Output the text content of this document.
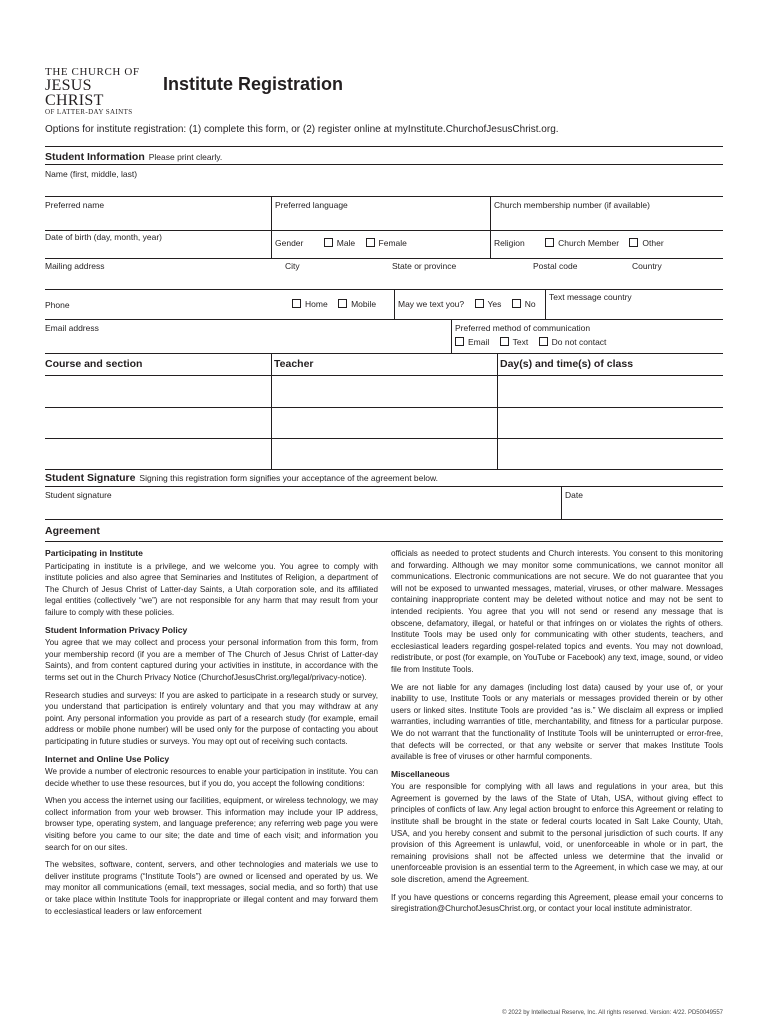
THE CHURCH OF
JESUS CHRIST
OF LATTER-DAY SAINTS
Institute Registration
Options for institute registration: (1) complete this form, or (2) register online at myInstitute.ChurchofJesusChrist.org.
Student Information Please print clearly.
Name (first, middle, last)
Preferred name	Preferred language	Church membership number (if available)
Date of birth (day, month, year)
Gender	Male	Female	Religion	Church Member	Other
Mailing address	City	State or province	Postal code	Country
Phone	Home	Mobile	May we text you?	Yes	No
Text message country
Email address	Preferred method of communication
Email	Text	Do not contact
Course and section	Teacher	Day(s) and time(s) of class
Student Signature Signing this registration form signifies your acceptance of the agreement below.
Student signature	Date
Agreement
Participating in Institute

Participating in institute is a privilege, and we welcome you. You agree to comply with institute policies and also agree that Seminaries and Institutes of Religion, a department of The Church of Jesus Christ of Latter-day Saints, a Utah corporation sole, and its affiliated legal entities (collectively “we”) are not responsible for any harm that may result from your failure to comply with these policies.

Student Information Privacy Policy

You agree that we may collect and process your personal information from this form, from your membership record (if you are a member of The Church of Jesus Christ of Latter-day Saints), and from content captured during your activities in institute, in accordance with the terms set out in the Church Privacy Notice (ChurchofJesusChrist.org/legal/privacy-notice).

Research studies and surveys: If you are asked to participate in a research study or survey, you understand that participation is entirely voluntary and that you may withdraw at any point. Any personal information you provide as part of a research study (for example, email address or mobile phone number) will be used only for the purpose of contacting you about participating in future studies or surveys. You may opt out of receiving such contacts.

Internet and Online Use Policy

We provide a number of electronic resources to enable your participation in institute. You can decide whether to use these resources, but if you do, you accept the following conditions:

When you access the internet using our facilities, equipment, or wireless technology, we may collect information from your web browser. This information may include your IP address, browser type, operating system, and language preference; any referring web page you were visiting before you came to our site; the date and time of each visit; and information you search for on our sites.

The websites, software, content, servers, and other technologies and materials we use to deliver institute programs (“Institute Tools”) are owned or licensed and operated by us. We may monitor all communications (email, text messages, social media, and so forth) that use or take place within Institute Tools for inappropriate or illegal content and may forward them to ecclesiastical leaders or law enforcement

officials as needed to protect students and Church interests. You consent to this monitoring and forwarding. Although we may monitor some communications, we cannot monitor all communications. Electronic communications are not secure. We do not guarantee that you will not be exposed to unwanted messages, material, viruses, or other malware. Messages containing inappropriate content may be deleted without notice and may not be sent to intended recipients. You agree that you will not send or resend any message that is obscene, defamatory, illegal, or hateful or that infringes on or violates the rights of others. Institute Tools may be used only for communicating with other students, teachers, and ecclesiastical leaders regarding gospel-related topics and events. You may not download, redistribute, or post (for example, on YouTube or Facebook) any text, image, sound, or video file from Institute Tools.

We are not liable for any damages (including lost data) caused by your use of, or your inability to use, Institute Tools or any materials or messages provided therein or by other users or linked sites. Institute Tools are provided “as is.” We disclaim all express or implied warranties, including warranties of title, merchantability, and fitness for a particular purpose. We do not warrant that the functionality of Institute Tools will be uninterrupted or error-free, that defects will be corrected, or that any website or server that makes Institute Tools available is free of viruses or other harmful components.

Miscellaneous

You are responsible for complying with all laws and regulations in your area, but this Agreement is governed by the laws of the State of Utah, USA, without giving effect to principles of conflicts of law. Any legal action brought to enforce this Agreement or relating to institute shall be brought in the state or federal courts located in Salt Lake County, Utah, USA, and you hereby consent and submit to the personal jurisdiction of such courts. If any provision of this Agreement is unlawful, void, or unenforceable in whole or in part, the remaining provisions shall not be affected unless we determine that the invalid or unenforceable provision is an essential term to the Agreement, in which case we may, at our sole discretion, amend the Agreement.

If you have questions or concerns regarding this Agreement, please email your concerns to siregistration@ChurchofJesusChrist.org, or contact your local institute administrator.

© 2022 by Intellectual Reserve, Inc. All rights reserved. Version: 4/22. PD50049557
